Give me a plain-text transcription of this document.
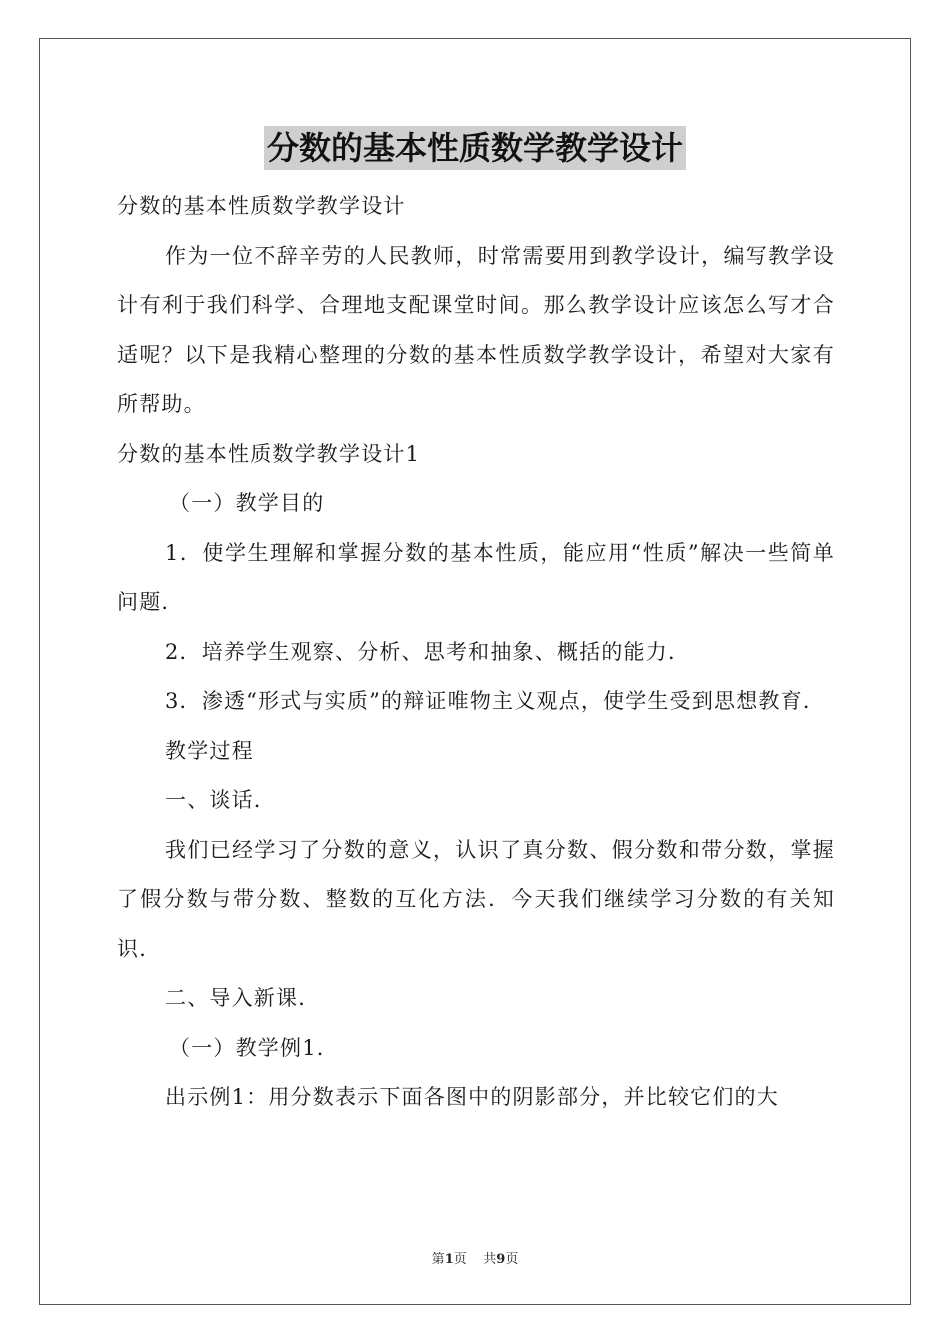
分数的基本性质数学教学设计

分数的基本性质数学教学设计

作为一位不辞辛劳的人民教师，时常需要用到教学设计，编写教学设计有利于我们科学、合理地支配课堂时间。那么教学设计应该怎么写才合适呢？以下是我精心整理的分数的基本性质数学教学设计，希望对大家有所帮助。

分数的基本性质数学教学设计1

（一）教学目的

1．使学生理解和掌握分数的基本性质，能应用“性质”解决一些简单问题．

2．培养学生观察、分析、思考和抽象、概括的能力．

3．渗透“形式与实质”的辩证唯物主义观点，使学生受到思想教育．

教学过程

一、谈话．

我们已经学习了分数的意义，认识了真分数、假分数和带分数，掌握了假分数与带分数、整数的互化方法．今天我们继续学习分数的有关知识．

二、导入新课．

（一）教学例1．

出示例1：用分数表示下面各图中的阴影部分，并比较它们的大

第1页    共9页
